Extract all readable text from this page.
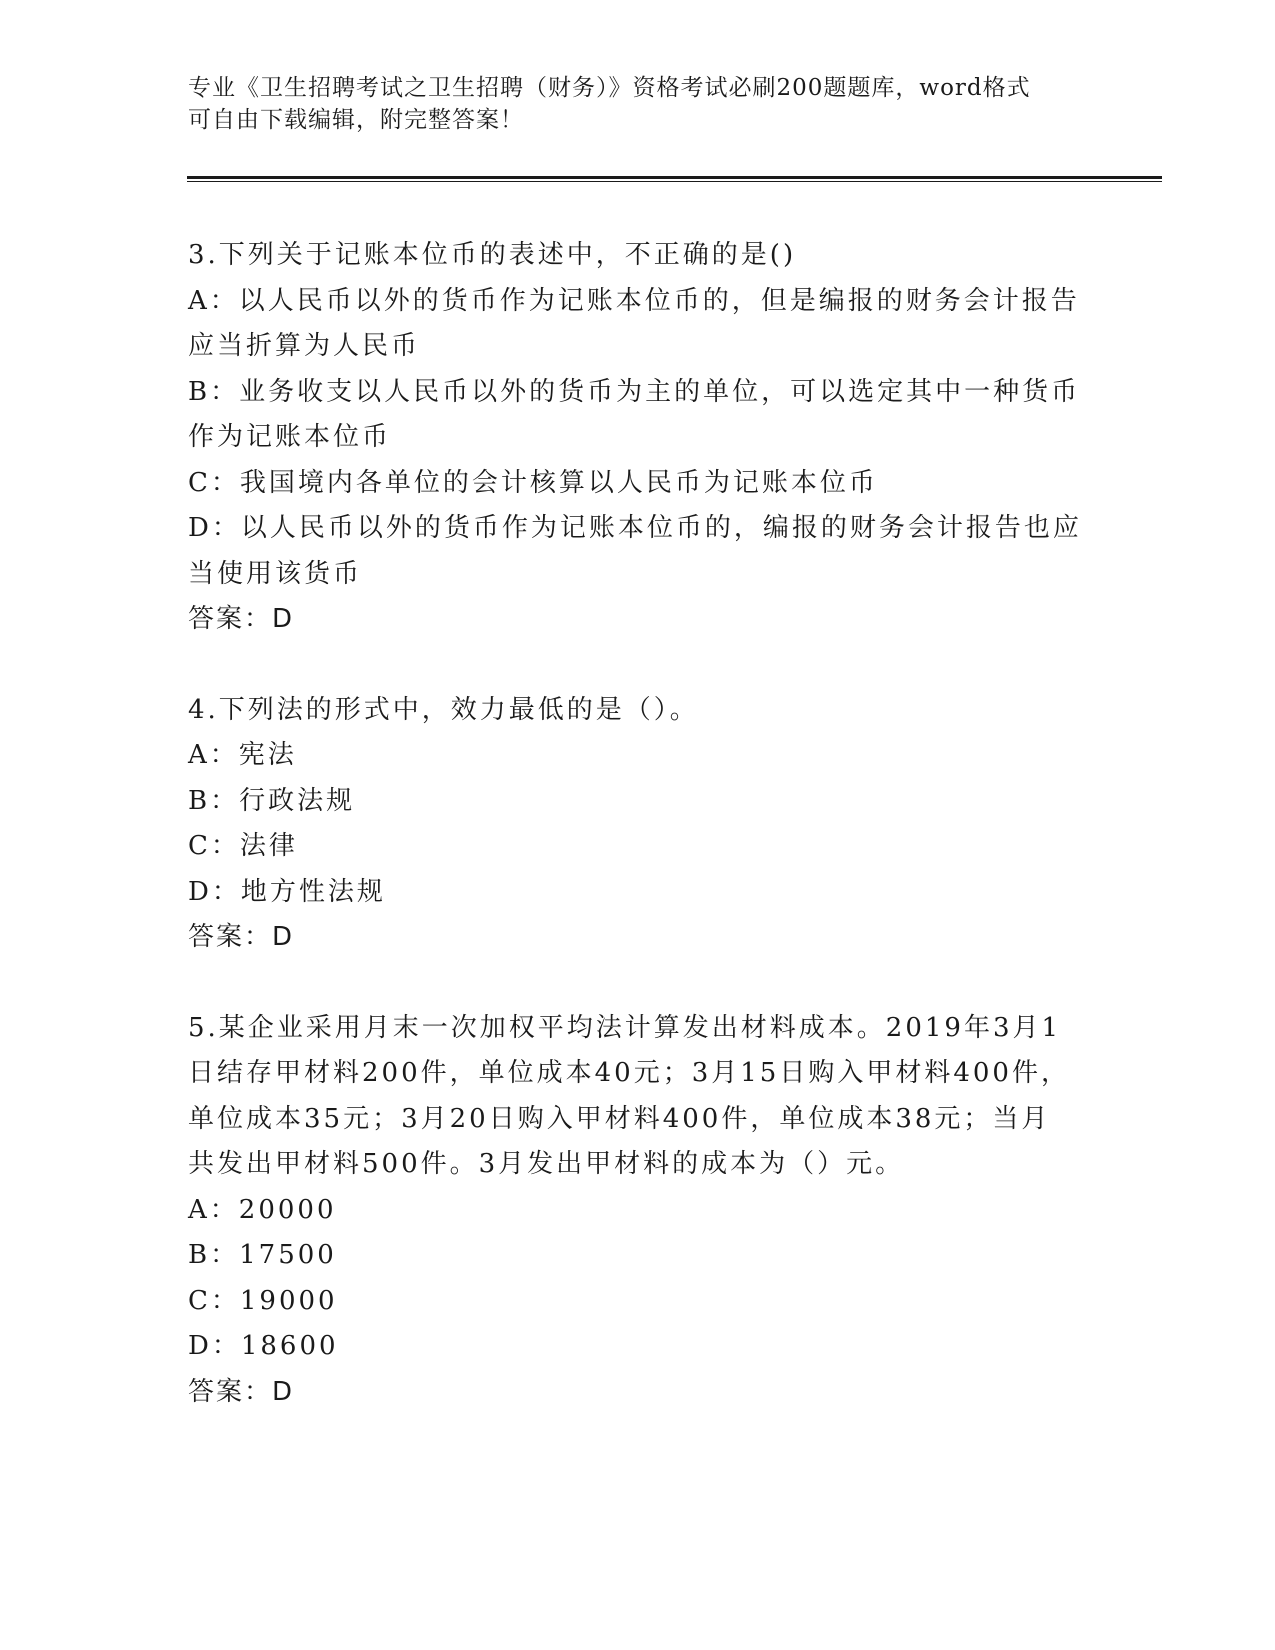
专业《卫生招聘考试之卫生招聘（财务）》资格考试必刷200题题库，word格式
可自由下载编辑，附完整答案！
3.下列关于记账本位币的表述中，不正确的是()
A：以人民币以外的货币作为记账本位币的，但是编报的财务会计报告
应当折算为人民币
B：业务收支以人民币以外的货币为主的单位，可以选定其中一种货币
作为记账本位币
C：我国境内各单位的会计核算以人民币为记账本位币
D：以人民币以外的货币作为记账本位币的，编报的财务会计报告也应
当使用该货币
答案：D
4.下列法的形式中，效力最低的是（）。
A：宪法
B：行政法规
C：法律
D：地方性法规
答案：D
5.某企业采用月末一次加权平均法计算发出材料成本。2019年3月1
日结存甲材料200件，单位成本40元；3月15日购入甲材料400件，
单位成本35元；3月20日购入甲材料400件，单位成本38元；当月
共发出甲材料500件。3月发出甲材料的成本为（）元。
A：20000
B：17500
C：19000
D：18600
答案：D
